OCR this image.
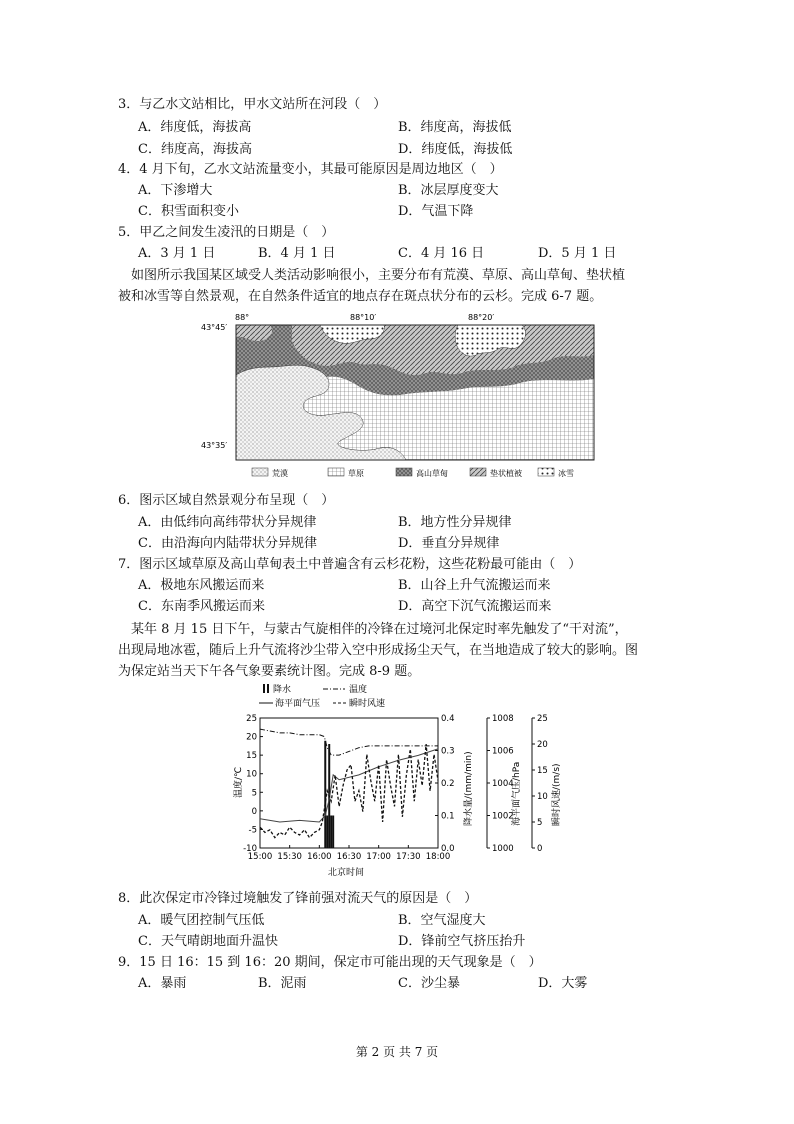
3．与乙水文站相比，甲水文站所在河段（　）
A．纬度低，海拔高	B．纬度高，海拔低
C．纬度高，海拔高	D．纬度低，海拔低
4．4 月下旬，乙水文站流量变小，其最可能原因是周边地区（　）
A．下渗增大	B．冰层厚度变大
C．积雪面积变小	D．气温下降
5．甲乙之间发生凌汛的日期是（　）
A．3 月 1 日	B．4 月 1 日	C．4 月 16 日	D．5 月 1 日
　如图所示我国某区域受人类活动影响很小，主要分布有荒漠、草原、高山草甸、垫状植
被和冰雪等自然景观，在自然条件适宜的地点存在斑点状分布的云杉。完成 6-7 题。
88°	88°10′	88°20′
43°45′
43°35′
荒漠	草原	高山草甸	垫状植被	冰雪
6．图示区域自然景观分布呈现（　）
A．由低纬向高纬带状分异规律	B．地方性分异规律
C．由沿海向内陆带状分异规律	D．垂直分异规律
7．图示区域草原及高山草甸表土中普遍含有云杉花粉，这些花粉最可能由（　）
A．极地东风搬运而来	B．山谷上升气流搬运而来
C．东南季风搬运而来	D．高空下沉气流搬运而来
　某年 8 月 15 日下午，与蒙古气旋相伴的冷锋在过境河北保定时率先触发了“干对流”，
出现局地冰雹，随后上升气流将沙尘带入空中形成扬尘天气，在当地造成了较大的影响。图
为保定站当天下午各气象要素统计图。完成 8-9 题。
降水	温度
海平面气压	瞬时风速
温度/℃	降水量/(mm/min)	海平面气压/hPa	瞬时风速/(m/s)
北京时间
15:00 15:30 16:00 16:30 17:00 17:30 18:00
25
20
15
10
5
0
-5
-10
0.4
0.3
0.2
0.1
0.0
1008
1006
1004
1002
1000
25
20
15
10
5
0
8．此次保定市冷锋过境触发了锋前强对流天气的原因是（　）
A．暖气团控制气压低	B．空气湿度大
C．天气晴朗地面升温快	D．锋前空气挤压抬升
9．15 日 16：15 到 16：20 期间，保定市可能出现的天气现象是（　）
A．暴雨	B．泥雨	C．沙尘暴	D．大雾
第 2 页 共 7 页
